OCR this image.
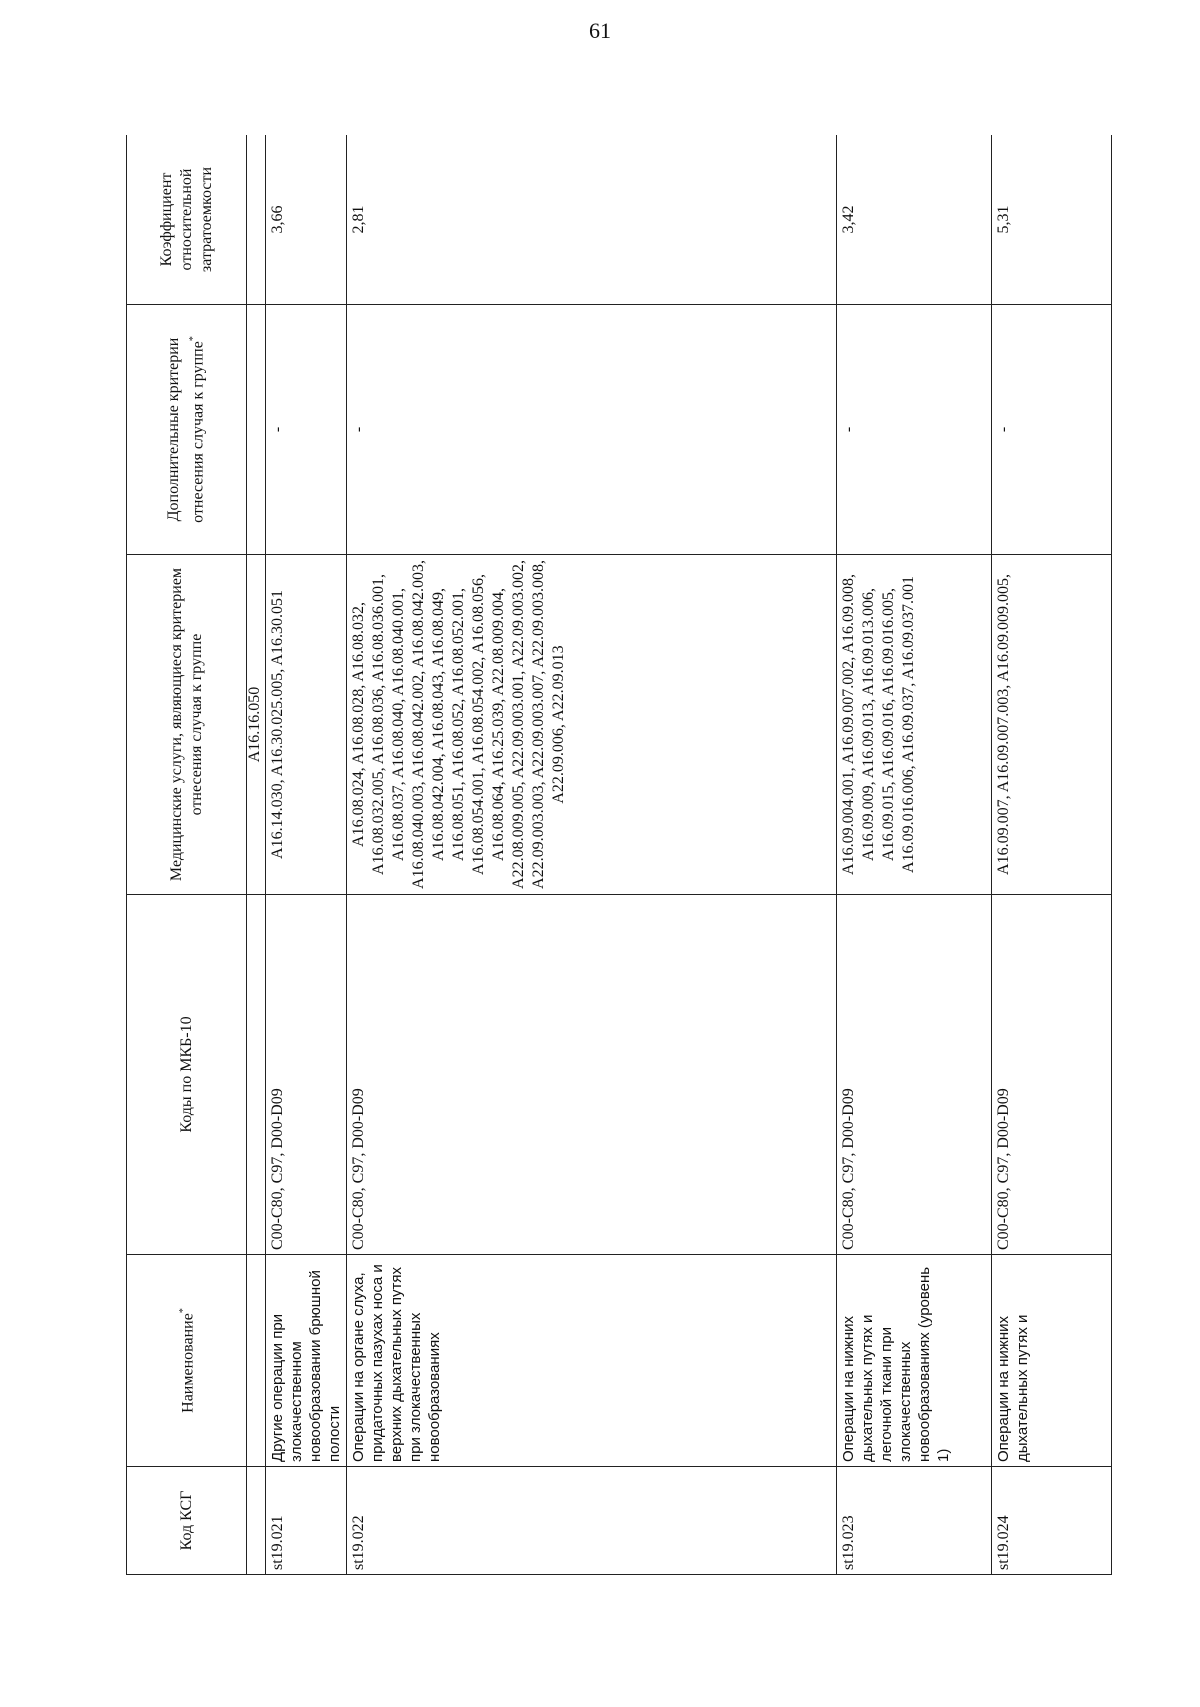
61
Код КСГ	Наименование*	Коды по МКБ-10	Медицинские услуги, являющиеся критерием отнесения случая к группе	Дополнительные критерии отнесения случая к группе*	Коэффициент относительной затратоемкости
			A16.16.050		
st19.021	Другие операции при злокачественном новообразовании брюшной полости	C00-C80, C97, D00-D09	A16.14.030, A16.30.025.005, A16.30.051	-	3,66
st19.022	Операции на органе слуха, придаточных пазухах носа и верхних дыхательных путях при злокачественных новообразованиях	C00-C80, C97, D00-D09	A16.08.024, A16.08.028, A16.08.032, A16.08.032.005, A16.08.036, A16.08.036.001, A16.08.037, A16.08.040, A16.08.040.001, A16.08.040.003, A16.08.042.002, A16.08.042.003, A16.08.042.004, A16.08.043, A16.08.049, A16.08.051, A16.08.052, A16.08.052.001, A16.08.054.001, A16.08.054.002, A16.08.056, A16.08.064, A16.25.039, A22.08.009.004, A22.08.009.005, A22.09.003.001, A22.09.003.002, A22.09.003.003, A22.09.003.007, A22.09.003.008, A22.09.006, A22.09.013	-	2,81
st19.023	Операции на нижних дыхательных путях и легочной ткани при злокачественных новообразованиях (уровень 1)	C00-C80, C97, D00-D09	A16.09.004.001, A16.09.007.002, A16.09.008, A16.09.009, A16.09.013, A16.09.013.006, A16.09.015, A16.09.016, A16.09.016.005, A16.09.016.006, A16.09.037, A16.09.037.001	-	3,42
st19.024	Операции на нижних дыхательных путях и	C00-C80, C97, D00-D09	A16.09.007, A16.09.007.003, A16.09.009.005,	-	5,31
